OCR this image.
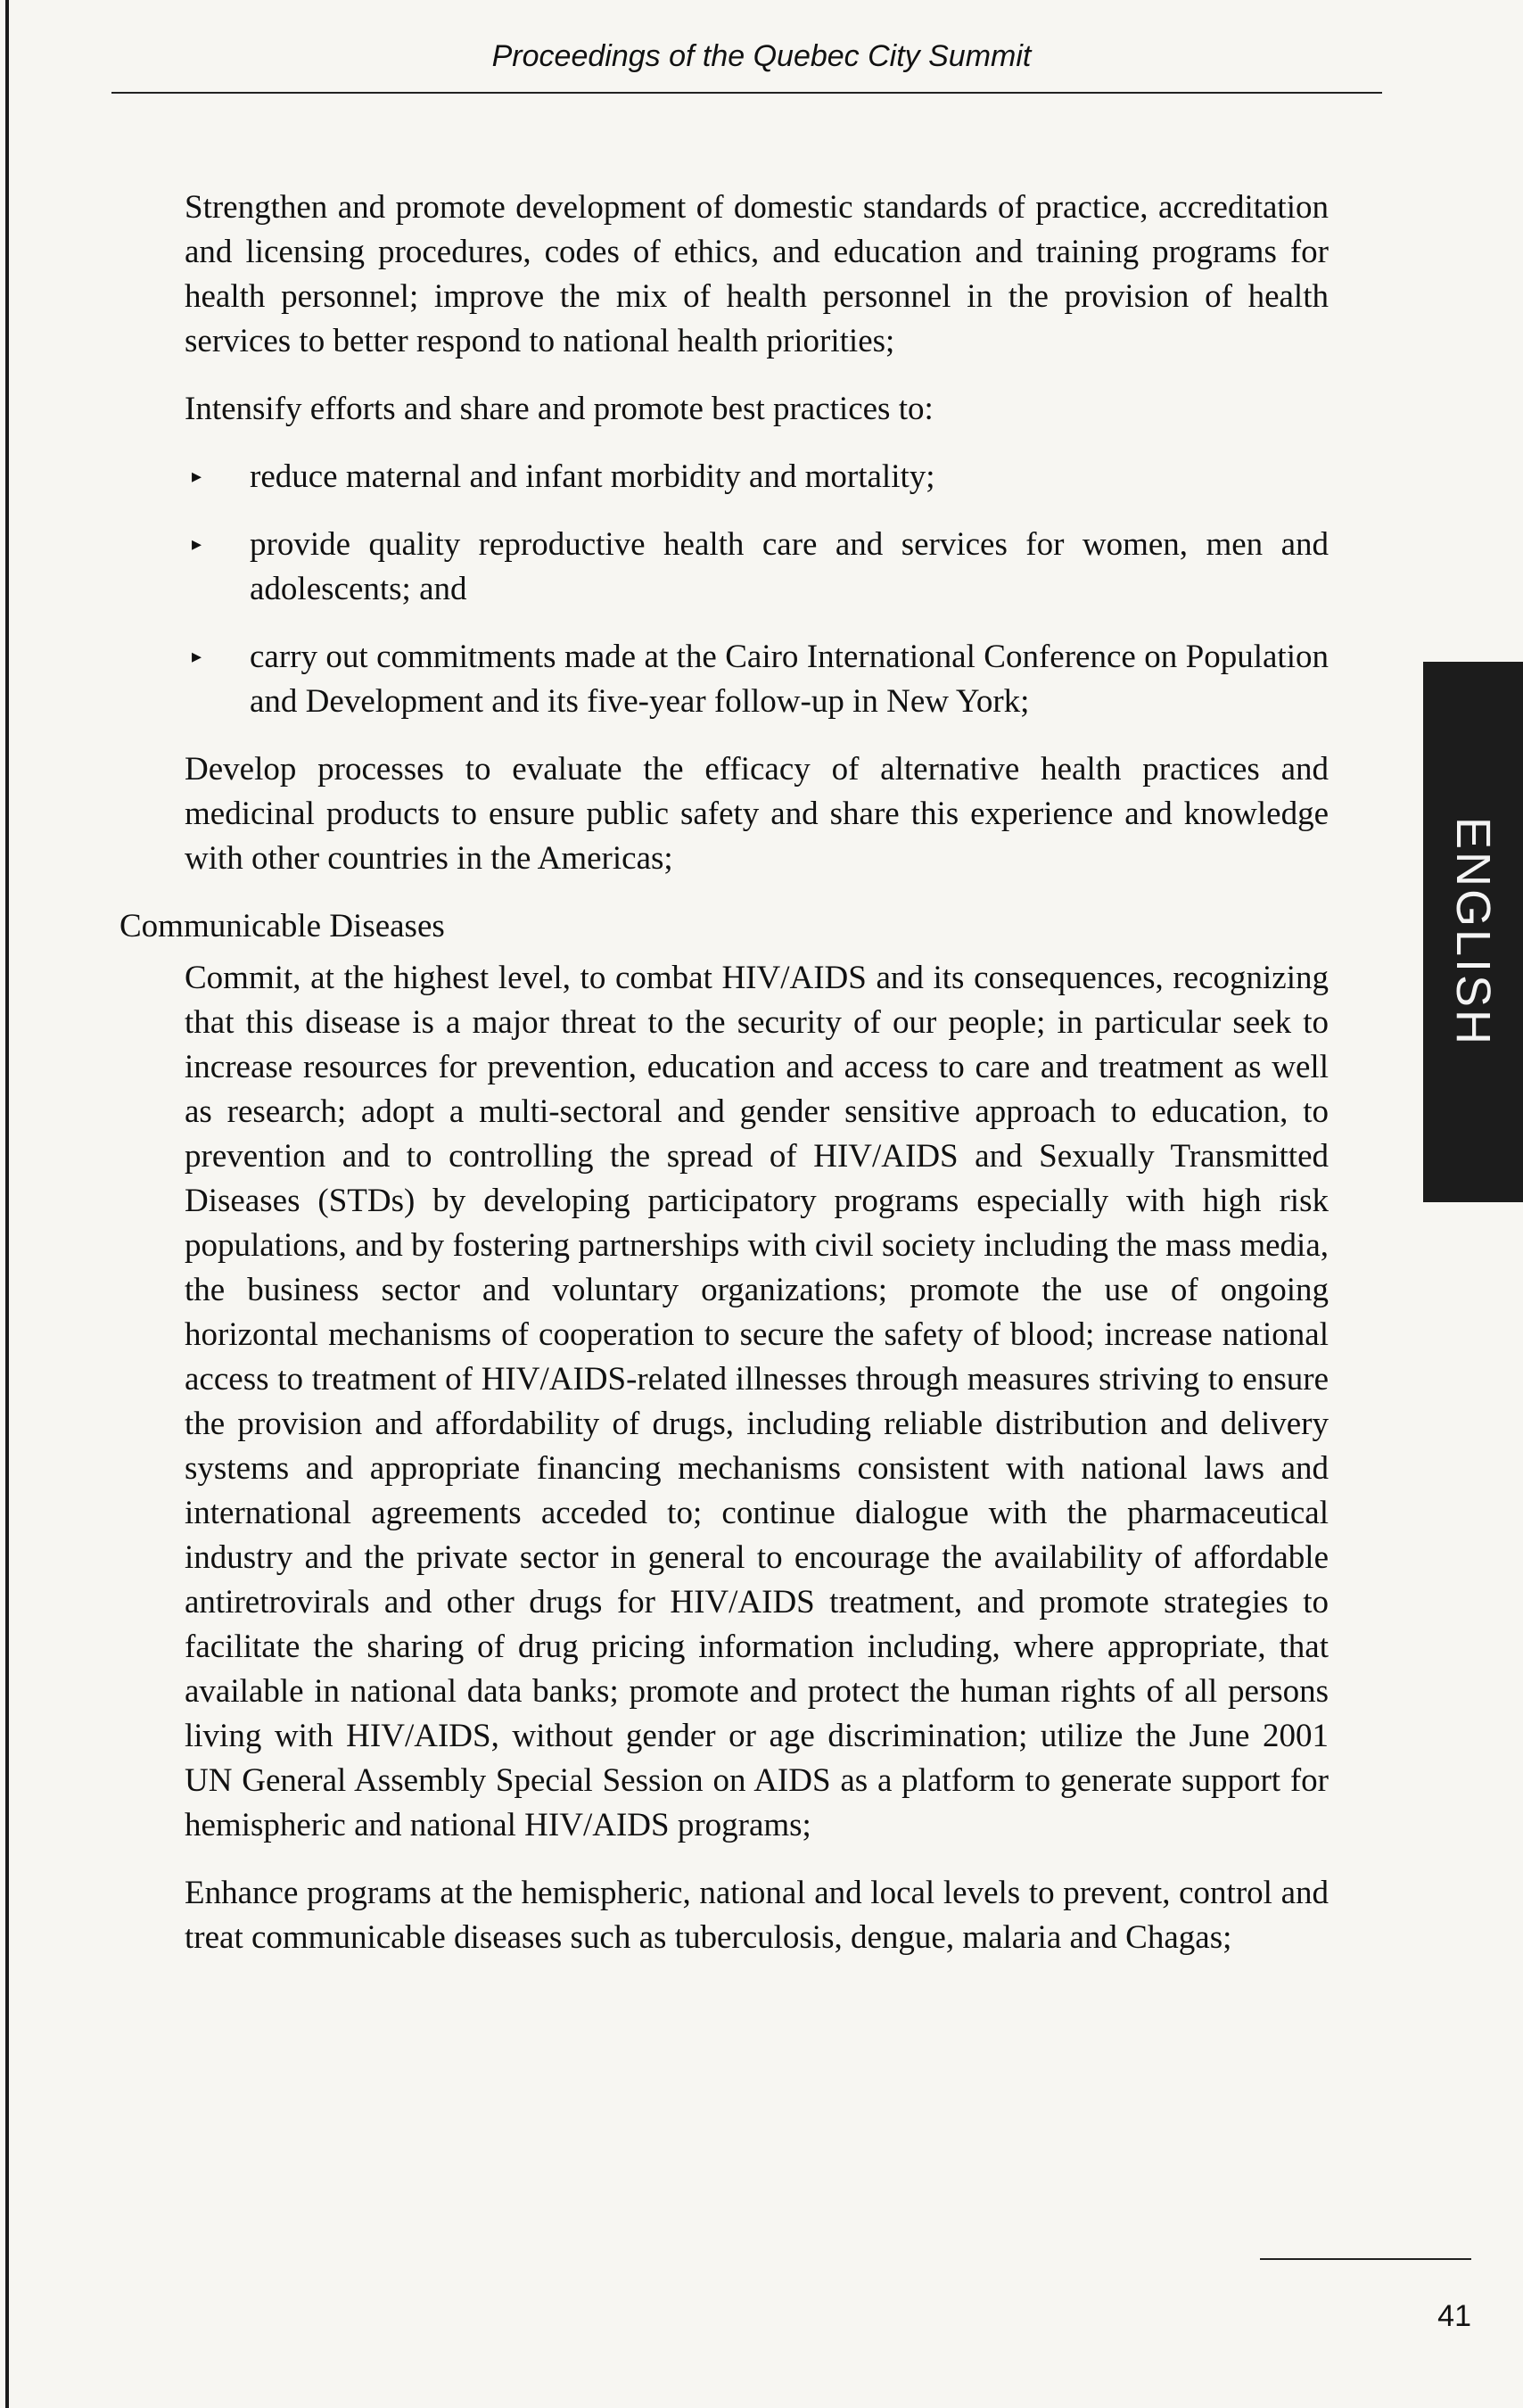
Proceedings of the Quebec City Summit

Strengthen and promote development of domestic standards of practice, accreditation and licensing procedures, codes of ethics, and education and training programs for health personnel; improve the mix of health personnel in the provision of health services to better respond to national health priorities;

Intensify efforts and share and promote best practices to:

▸ reduce maternal and infant morbidity and mortality;
▸ provide quality reproductive health care and services for women, men and adolescents; and
▸ carry out commitments made at the Cairo International Conference on Population and Development and its five-year follow-up in New York;

Develop processes to evaluate the efficacy of alternative health practices and medicinal products to ensure public safety and share this experience and knowledge with other countries in the Americas;

Communicable Diseases

Commit, at the highest level, to combat HIV/AIDS and its consequences, recognizing that this disease is a major threat to the security of our people; in particular seek to increase resources for prevention, education and access to care and treatment as well as research; adopt a multi-sectoral and gender sensitive approach to education, to prevention and to controlling the spread of HIV/AIDS and Sexually Transmitted Diseases (STDs) by developing participatory programs especially with high risk populations, and by fostering partnerships with civil society including the mass media, the business sector and voluntary organizations; promote the use of ongoing horizontal mechanisms of cooperation to secure the safety of blood; increase national access to treatment of HIV/AIDS-related illnesses through measures striving to ensure the provision and affordability of drugs, including reliable distribution and delivery systems and appropriate financing mechanisms consistent with national laws and international agreements acceded to; continue dialogue with the pharmaceutical industry and the private sector in general to encourage the availability of affordable antiretrovirals and other drugs for HIV/AIDS treatment, and promote strategies to facilitate the sharing of drug pricing information including, where appropriate, that available in national data banks; promote and protect the human rights of all persons living with HIV/AIDS, without gender or age discrimination; utilize the June 2001 UN General Assembly Special Session on AIDS as a platform to generate support for hemispheric and national HIV/AIDS programs;

Enhance programs at the hemispheric, national and local levels to prevent, control and treat communicable diseases such as tuberculosis, dengue, malaria and Chagas;

ENGLISH
41
